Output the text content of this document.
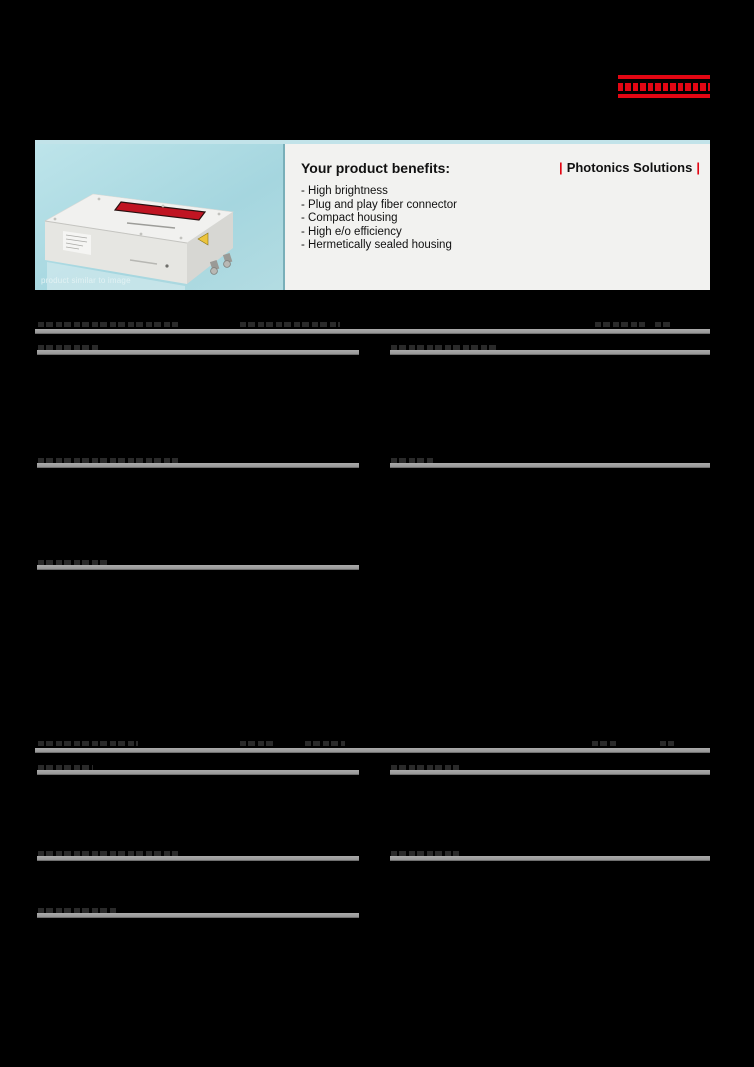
product similar to image
Your product benefits:
- High brightness
- Plug and play fiber connector
- Compact housing
- High e/o efficiency
- Hermetically sealed housing
| Photonics Solutions |
